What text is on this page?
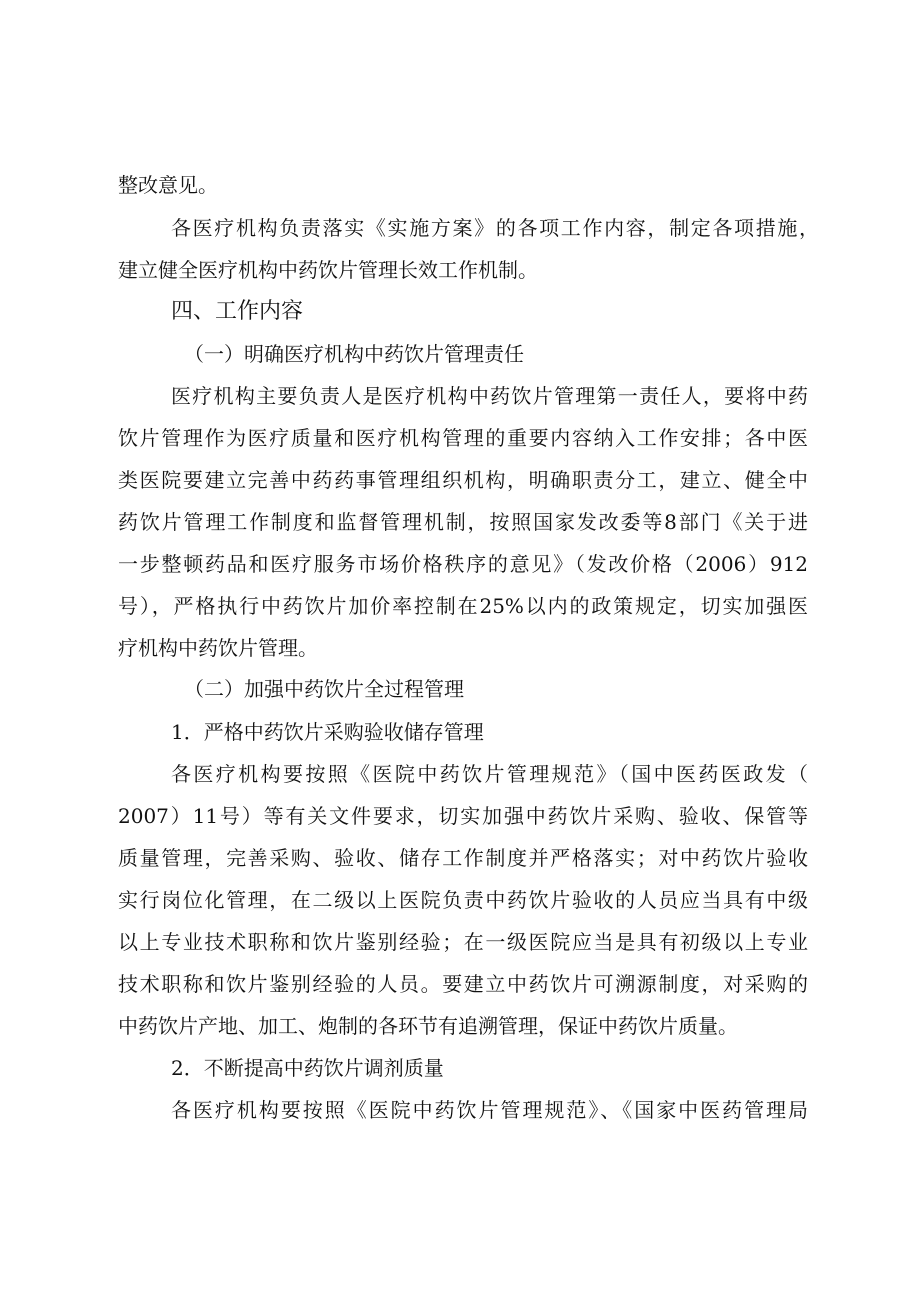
整改意见。
各医疗机构负责落实《实施方案》的各项工作内容，制定各项措施，
建立健全医疗机构中药饮片管理长效工作机制。
四、工作内容
（一）明确医疗机构中药饮片管理责任
医疗机构主要负责人是医疗机构中药饮片管理第一责任人，要将中药
饮片管理作为医疗质量和医疗机构管理的重要内容纳入工作安排；各中医
类医院要建立完善中药药事管理组织机构，明确职责分工，建立、健全中
药饮片管理工作制度和监督管理机制，按照国家发改委等8部门《关于进
一步整顿药品和医疗服务市场价格秩序的意见》（发改价格（2006）912
号），严格执行中药饮片加价率控制在25%以内的政策规定，切实加强医
疗机构中药饮片管理。
（二）加强中药饮片全过程管理
1．严格中药饮片采购验收储存管理
各医疗机构要按照《医院中药饮片管理规范》（国中医药医政发（
2007）11号）等有关文件要求，切实加强中药饮片采购、验收、保管等
质量管理，完善采购、验收、储存工作制度并严格落实；对中药饮片验收
实行岗位化管理，在二级以上医院负责中药饮片验收的人员应当具有中级
以上专业技术职称和饮片鉴别经验；在一级医院应当是具有初级以上专业
技术职称和饮片鉴别经验的人员。要建立中药饮片可溯源制度，对采购的
中药饮片产地、加工、炮制的各环节有追溯管理，保证中药饮片质量。
2．不断提高中药饮片调剂质量
各医疗机构要按照《医院中药饮片管理规范》、《国家中医药管理局
